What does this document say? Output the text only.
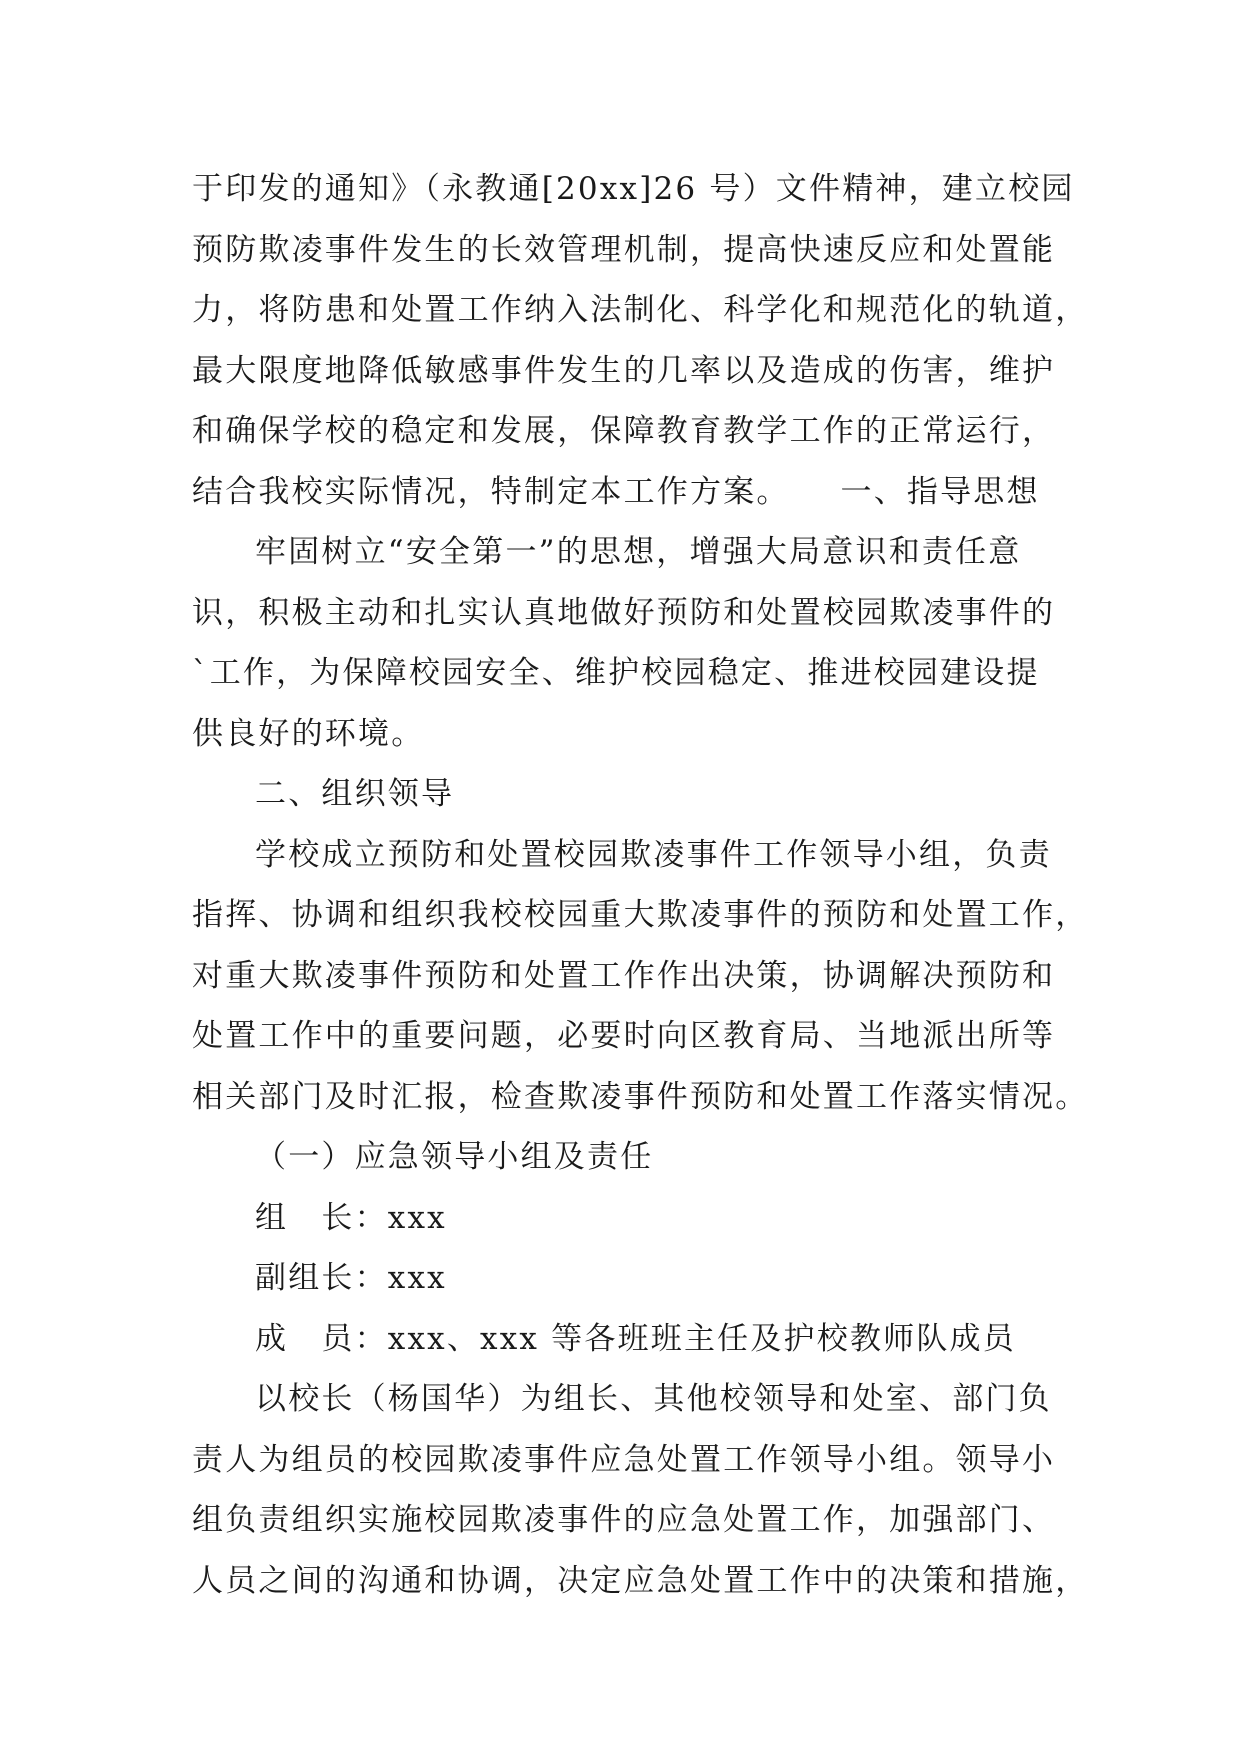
于印发的通知》（永教通[20xx]26 号）文件精神，建立校园
预防欺凌事件发生的长效管理机制，提高快速反应和处置能
力，将防患和处置工作纳入法制化、科学化和规范化的轨道，
最大限度地降低敏感事件发生的几率以及造成的伤害，维护
和确保学校的稳定和发展，保障教育教学工作的正常运行，
结合我校实际情况，特制定本工作方案。　　一、指导思想
牢固树立“安全第一”的思想，增强大局意识和责任意
识，积极主动和扎实认真地做好预防和处置校园欺凌事件的
`工作，为保障校园安全、维护校园稳定、推进校园建设提
供良好的环境。
二、组织领导
学校成立预防和处置校园欺凌事件工作领导小组，负责
指挥、协调和组织我校校园重大欺凌事件的预防和处置工作，
对重大欺凌事件预防和处置工作作出决策，协调解决预防和
处置工作中的重要问题，必要时向区教育局、当地派出所等
相关部门及时汇报，检查欺凌事件预防和处置工作落实情况。
（一）应急领导小组及责任
组　长：xxx
副组长：xxx
成　员：xxx、xxx 等各班班主任及护校教师队成员
以校长（杨国华）为组长、其他校领导和处室、部门负
责人为组员的校园欺凌事件应急处置工作领导小组。领导小
组负责组织实施校园欺凌事件的应急处置工作，加强部门、
人员之间的沟通和协调，决定应急处置工作中的决策和措施，
